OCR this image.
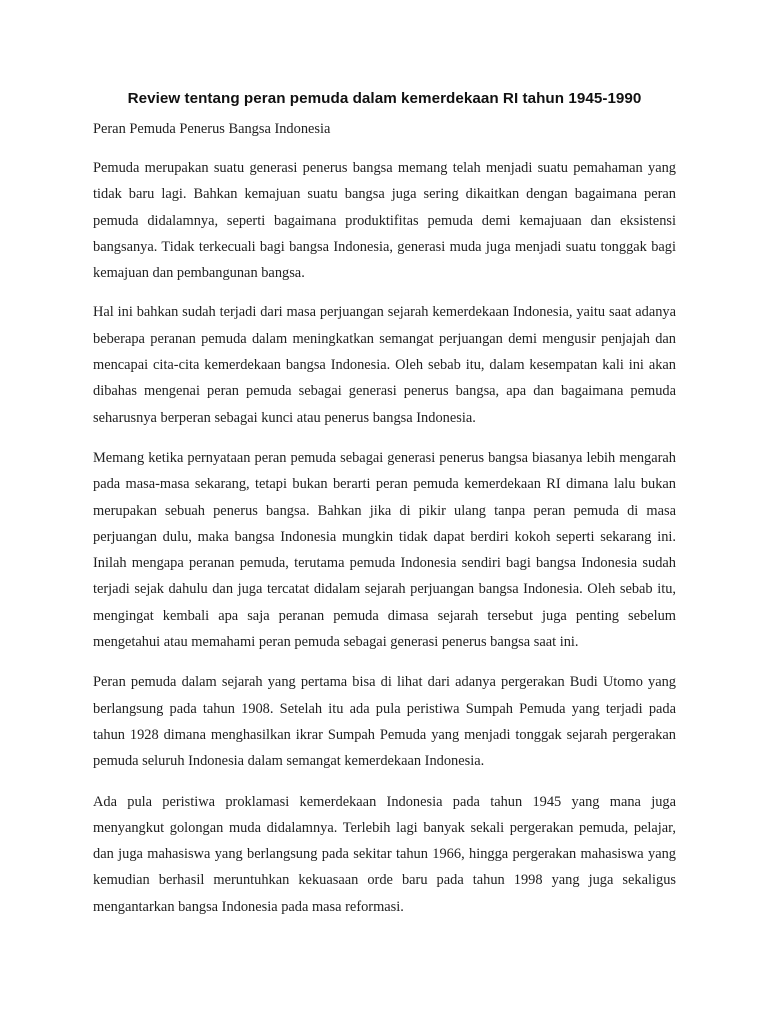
Review tentang peran pemuda dalam kemerdekaan RI tahun 1945-1990

Peran Pemuda Penerus Bangsa Indonesia

Pemuda merupakan suatu generasi penerus bangsa memang telah menjadi suatu pemahaman yang tidak baru lagi. Bahkan kemajuan suatu bangsa juga sering dikaitkan dengan bagaimana peran pemuda didalamnya, seperti bagaimana produktifitas pemuda demi kemajuaan dan eksistensi bangsanya. Tidak terkecuali bagi bangsa Indonesia, generasi muda juga menjadi suatu tonggak bagi kemajuan dan pembangunan bangsa.

Hal ini bahkan sudah terjadi dari masa perjuangan sejarah kemerdekaan Indonesia, yaitu saat adanya beberapa peranan pemuda dalam meningkatkan semangat perjuangan demi mengusir penjajah dan mencapai cita-cita kemerdekaan bangsa Indonesia. Oleh sebab itu, dalam kesempatan kali ini akan dibahas mengenai peran pemuda sebagai generasi penerus bangsa, apa dan bagaimana pemuda seharusnya berperan sebagai kunci atau penerus bangsa Indonesia.

Memang ketika pernyataan peran pemuda sebagai generasi penerus bangsa biasanya lebih mengarah pada masa-masa sekarang, tetapi bukan berarti peran pemuda kemerdekaan RI dimana lalu bukan merupakan sebuah penerus bangsa. Bahkan jika di pikir ulang tanpa peran pemuda di masa perjuangan dulu, maka bangsa Indonesia mungkin tidak dapat berdiri kokoh seperti sekarang ini. Inilah mengapa peranan pemuda, terutama pemuda Indonesia sendiri bagi bangsa Indonesia sudah terjadi sejak dahulu dan juga tercatat didalam sejarah perjuangan bangsa Indonesia. Oleh sebab itu, mengingat kembali apa saja peranan pemuda dimasa sejarah tersebut juga penting sebelum mengetahui atau memahami peran pemuda sebagai generasi penerus bangsa saat ini.

Peran pemuda dalam sejarah yang pertama bisa di lihat dari adanya pergerakan Budi Utomo yang berlangsung pada tahun 1908. Setelah itu ada pula peristiwa Sumpah Pemuda yang terjadi pada tahun 1928 dimana menghasilkan ikrar Sumpah Pemuda yang menjadi tonggak sejarah pergerakan pemuda seluruh Indonesia dalam semangat kemerdekaan Indonesia.

Ada pula peristiwa proklamasi kemerdekaan Indonesia pada tahun 1945 yang mana juga menyangkut golongan muda didalamnya. Terlebih lagi banyak sekali pergerakan pemuda, pelajar, dan juga mahasiswa yang berlangsung pada sekitar tahun 1966, hingga pergerakan mahasiswa yang kemudian berhasil meruntuhkan kekuasaan orde baru pada tahun 1998 yang juga sekaligus mengantarkan bangsa Indonesia pada masa reformasi.
